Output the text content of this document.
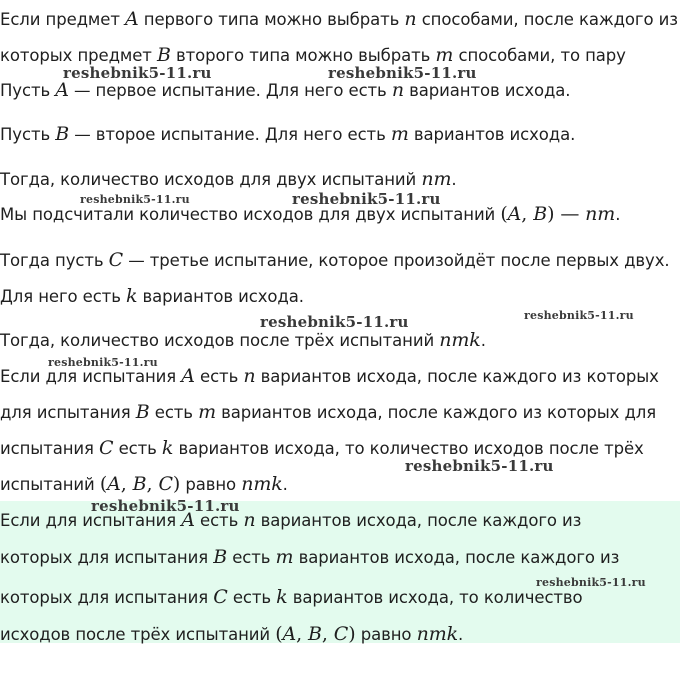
Если предмет A первого типа можно выбрать n способами, после каждого из
которых предмет B второго типа можно выбрать m способами, то пару
Пусть A — первое испытание. Для него есть n вариантов исхода.
Пусть B — второе испытание. Для него есть m вариантов исхода.
Тогда, количество исходов для двух испытаний nm.
Мы подсчитали количество исходов для двух испытаний (A, B) — nm.
Тогда пусть C — третье испытание, которое произойдёт после первых двух.
Для него есть k вариантов исхода.
Тогда, количество исходов после трёх испытаний nmk.
Если для испытания A есть n вариантов исхода, после каждого из которых
для испытания B есть m вариантов исхода, после каждого из которых для
испытания C есть k вариантов исхода, то количество исходов после трёх
испытаний (A, B, C) равно nmk.
Если для испытания A есть n вариантов исхода, после каждого из
которых для испытания B есть m вариантов исхода, после каждого из
которых для испытания C есть k вариантов исхода, то количество
исходов после трёх испытаний (A, B, C) равно nmk.
reshebnik5-11.ru	reshebnik5-11.ru
reshebnik5-11.ru	reshebnik5-11.ru
reshebnik5-11.ru	reshebnik5-11.ru
reshebnik5-11.ru
reshebnik5-11.ru
reshebnik5-11.ru
reshebnik5-11.ru
